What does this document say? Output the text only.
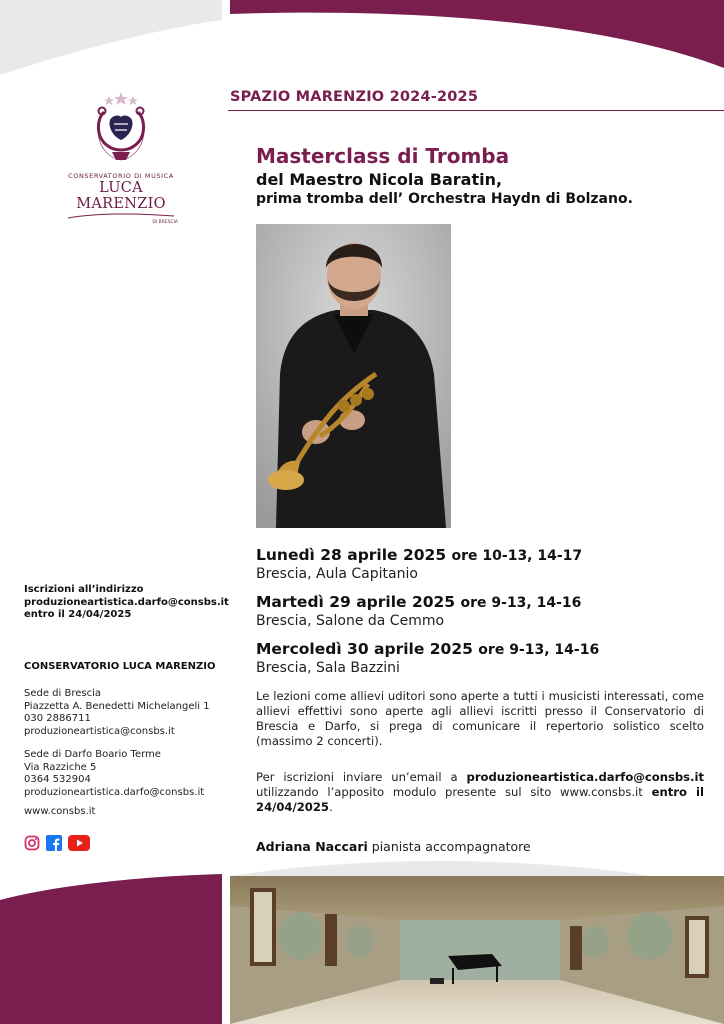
CONSERVATORIO DI MUSICA
LUCA MARENZIO
DI BRESCIA
SPAZIO MARENZIO 2024-2025
Masterclass di Tromba
del Maestro Nicola Baratin,
prima tromba dell’ Orchestra Haydn di Bolzano.
Lunedì 28 aprile 2025 ore 10-13, 14-17
Brescia, Aula Capitanio
Martedì 29 aprile 2025 ore 9-13, 14-16
Brescia, Salone da Cemmo
Mercoledì 30 aprile 2025 ore 9-13, 14-16
Brescia, Sala Bazzini
Le lezioni come allievi uditori sono aperte a tutti i musicisti interessati, come allievi effettivi sono aperte agli allievi iscritti presso il Conservatorio di Brescia e Darfo, si prega di comunicare il repertorio solistico scelto (massimo 2 concerti).
Per iscrizioni inviare un’email a produzioneartistica.darfo@consbs.it utilizzando l’apposito modulo presente sul sito www.consbs.it entro il 24/04/2025.
Adriana Naccari pianista accompagnatore
Iscrizioni all’indirizzo
produzioneartistica.darfo@consbs.it
entro il 24/04/2025
CONSERVATORIO LUCA MARENZIO
Sede di Brescia
Piazzetta A. Benedetti Michelangeli 1
030 2886711
produzioneartistica@consbs.it
Sede di Darfo Boario Terme
Via Razziche 5
0364 532904
produzioneartistica.darfo@consbs.it
www.consbs.it
